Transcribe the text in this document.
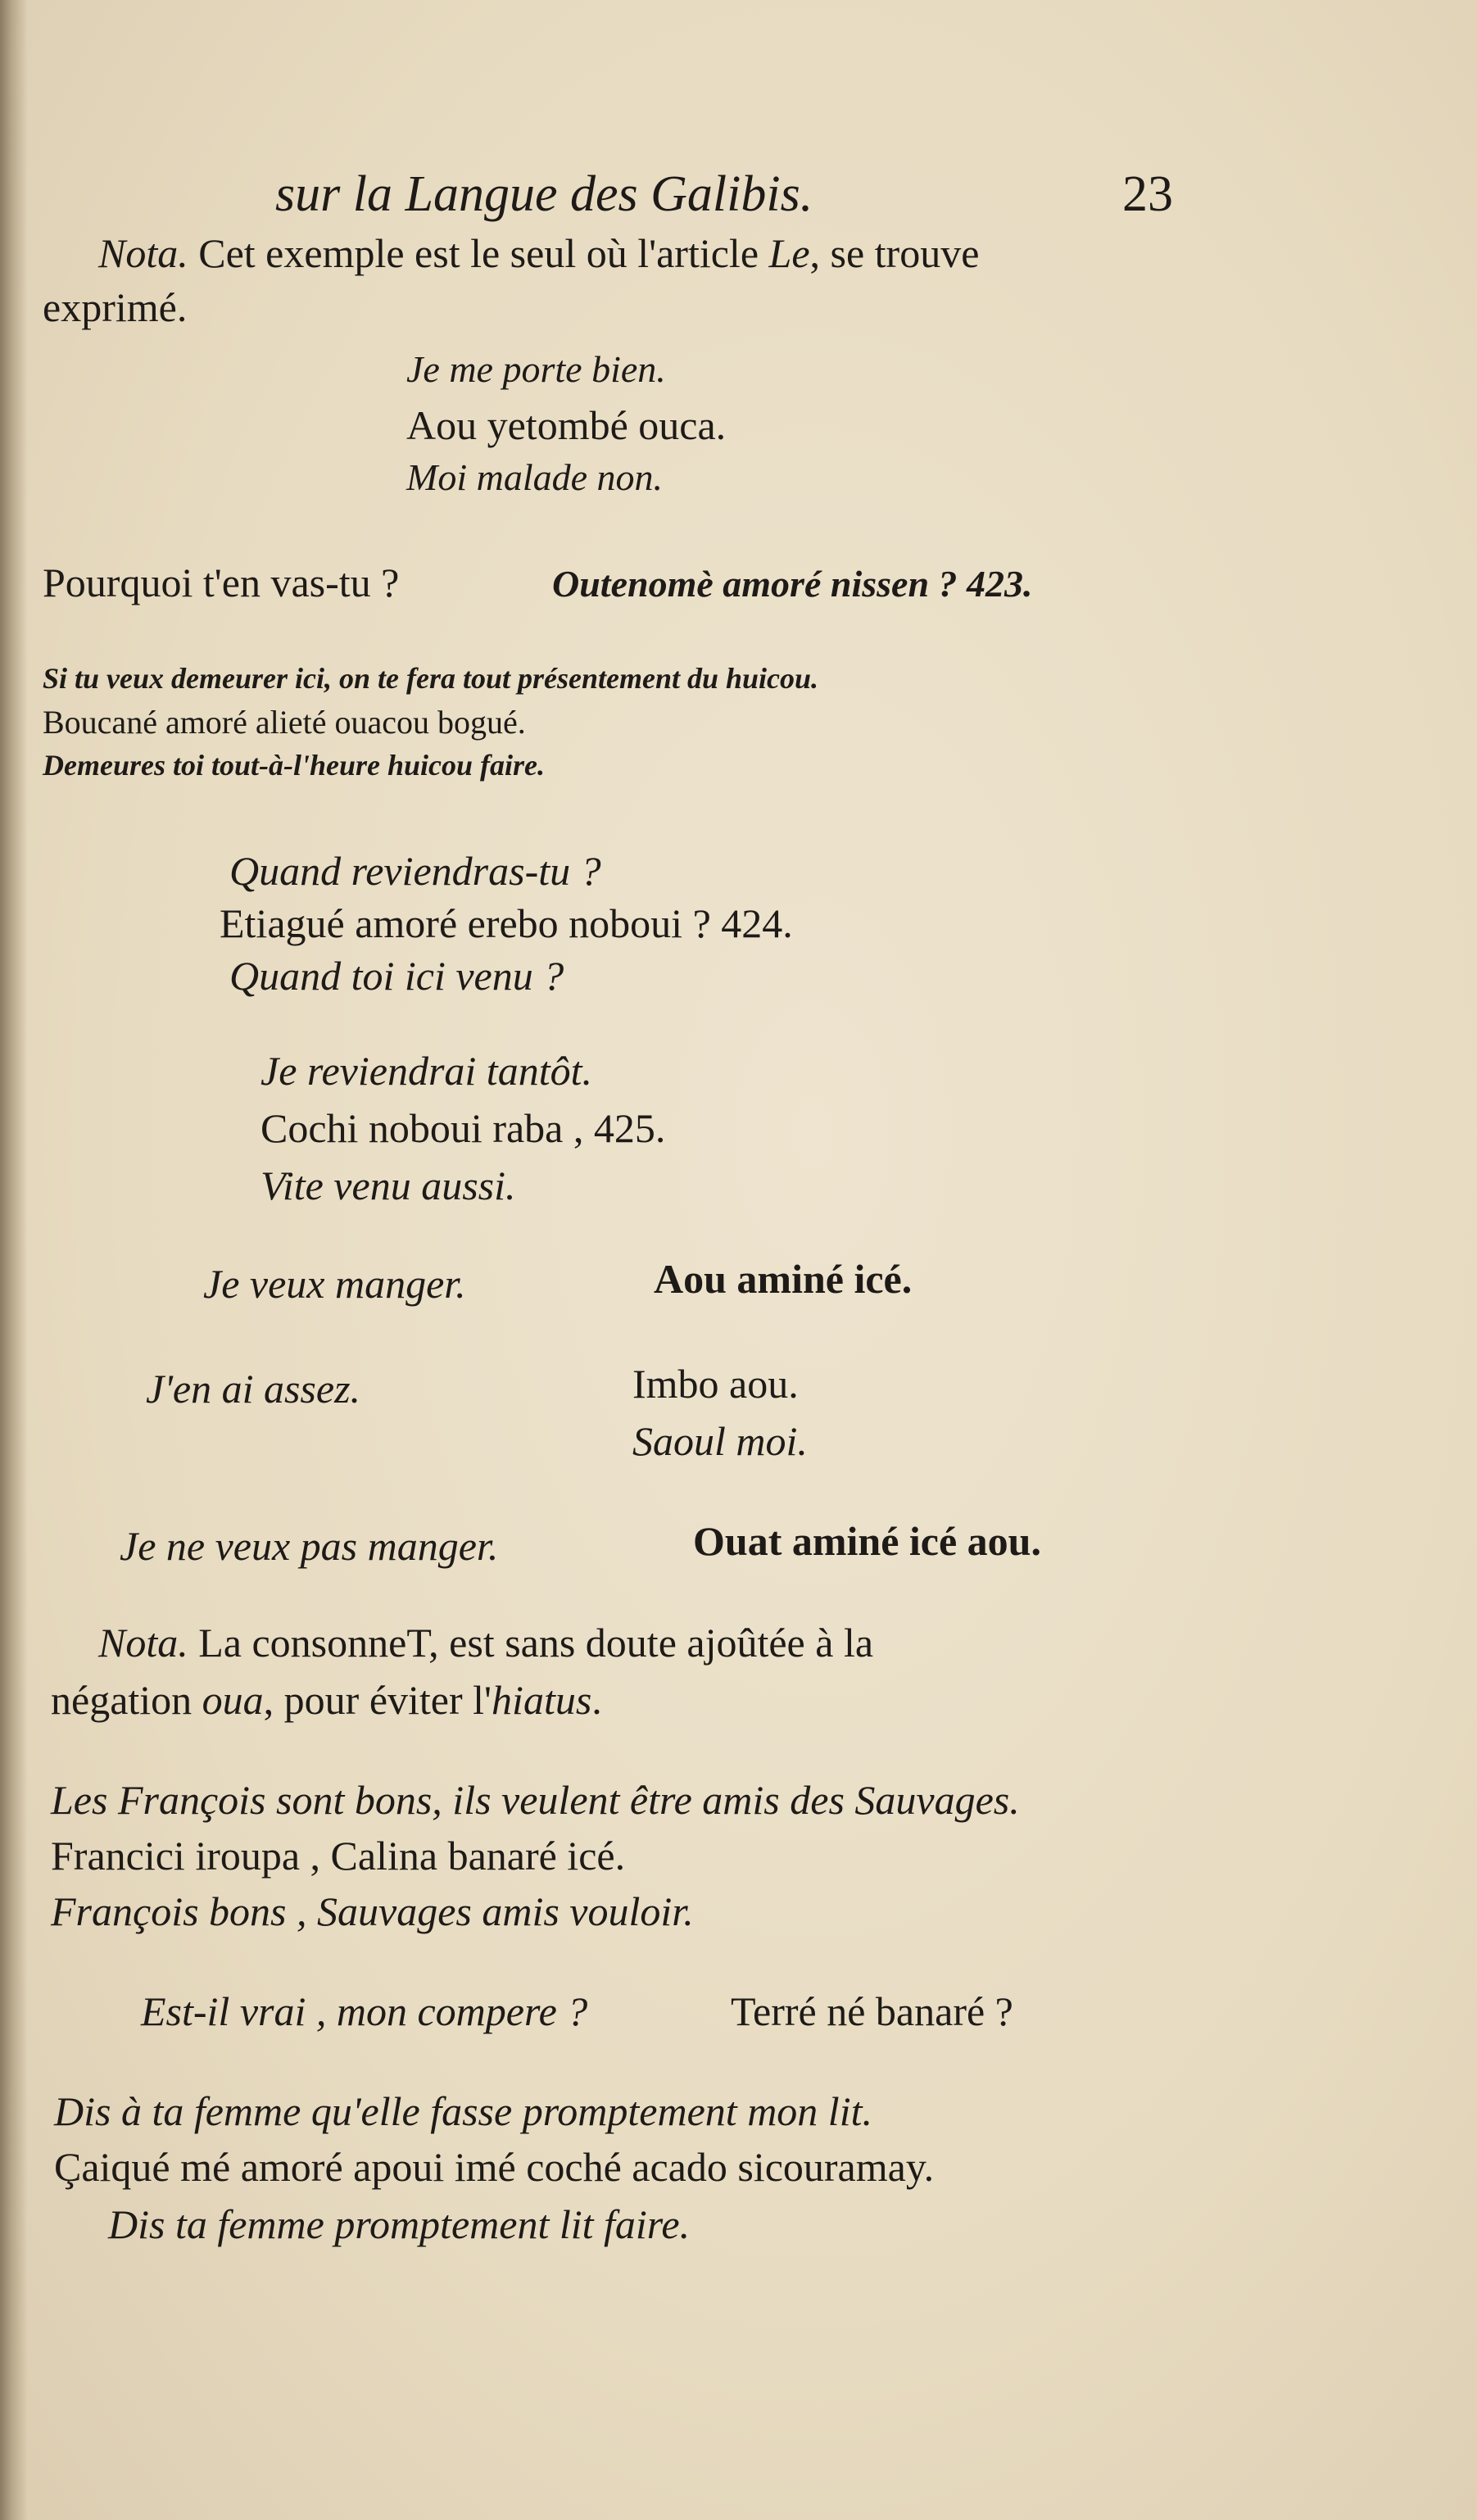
sur la Langue des Galibis.	23
Nota. Cet exemple est le seul où l'article Le, se trouve
exprimé.
Je me porte bien.
Aou yetombé ouca.
Moi malade non.
Pourquoi t'en vas-tu ?	Outenomè amoré nissen ? 423.
Si tu veux demeurer ici, on te fera tout présentement du huicou.
Boucané amoré alieté ouacou bogué.
Demeures toi tout-à-l'heure huicou faire.
Quand reviendras-tu ?
Etiagué amoré erebo noboui ? 424.
Quand toi ici venu ?
Je reviendrai tantôt.
Cochi noboui raba , 425.
Vite venu aussi.
Je veux manger.	Aou aminé icé.
J'en ai assez.	Imbo aou.
Saoul moi.
Je ne veux pas manger.	Ouat aminé icé aou.
Nota. La consonneT, est sans doute ajoûtée à la
négation oua, pour éviter l'hiatus.
Les François sont bons, ils veulent être amis des Sauvages.
Francici iroupa , Calina banaré icé.
François bons , Sauvages amis vouloir.
Est-il vrai , mon compere ?	Terré né banaré ?
Dis à ta femme qu'elle fasse promptement mon lit.
Çaiqué mé amoré apoui imé coché acado sicouramay.
Dis ta femme promptement lit faire.
